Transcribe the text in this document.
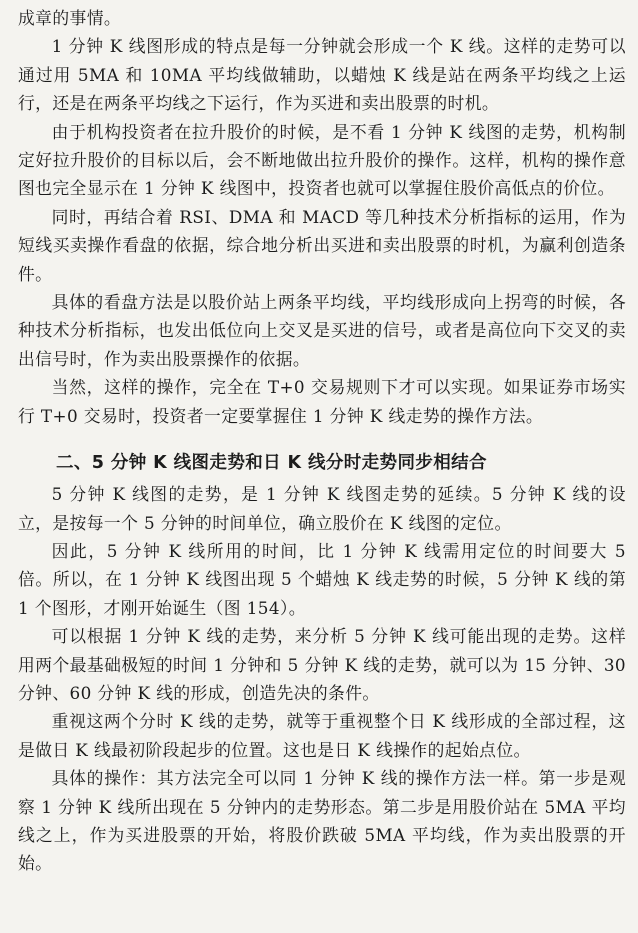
成章的事情。

1 分钟 K 线图形成的特点是每一分钟就会形成一个 K 线。这样的走势可以通过用 5MA 和 10MA 平均线做辅助，以蜡烛 K 线是站在两条平均线之上运行，还是在两条平均线之下运行，作为买进和卖出股票的时机。

由于机构投资者在拉升股价的时候，是不看 1 分钟 K 线图的走势，机构制定好拉升股价的目标以后，会不断地做出拉升股价的操作。这样，机构的操作意图也完全显示在 1 分钟 K 线图中，投资者也就可以掌握住股价高低点的价位。

同时，再结合着 RSI、DMA 和 MACD 等几种技术分析指标的运用，作为短线买卖操作看盘的依据，综合地分析出买进和卖出股票的时机，为赢利创造条件。

具体的看盘方法是以股价站上两条平均线，平均线形成向上拐弯的时候，各种技术分析指标，也发出低位向上交叉是买进的信号，或者是高位向下交叉的卖出信号时，作为卖出股票操作的依据。

当然，这样的操作，完全在 T+0 交易规则下才可以实现。如果证券市场实行 T+0 交易时，投资者一定要掌握住 1 分钟 K 线走势的操作方法。

二、5 分钟 K 线图走势和日 K 线分时走势同步相结合

5 分钟 K 线图的走势，是 1 分钟 K 线图走势的延续。5 分钟 K 线的设立，是按每一个 5 分钟的时间单位，确立股价在 K 线图的定位。

因此，5 分钟 K 线所用的时间，比 1 分钟 K 线需用定位的时间要大 5 倍。所以，在 1 分钟 K 线图出现 5 个蜡烛 K 线走势的时候，5 分钟 K 线的第 1 个图形，才刚开始诞生（图 154）。

可以根据 1 分钟 K 线的走势，来分析 5 分钟 K 线可能出现的走势。这样用两个最基础极短的时间 1 分钟和 5 分钟 K 线的走势，就可以为 15 分钟、30 分钟、60 分钟 K 线的形成，创造先决的条件。

重视这两个分时 K 线的走势，就等于重视整个日 K 线形成的全部过程，这是做日 K 线最初阶段起步的位置。这也是日 K 线操作的起始点位。

具体的操作：其方法完全可以同 1 分钟 K 线的操作方法一样。第一步是观察 1 分钟 K 线所出现在 5 分钟内的走势形态。第二步是用股价站在 5MA 平均线之上，作为买进股票的开始，将股价跌破 5MA 平均线，作为卖出股票的开始。
